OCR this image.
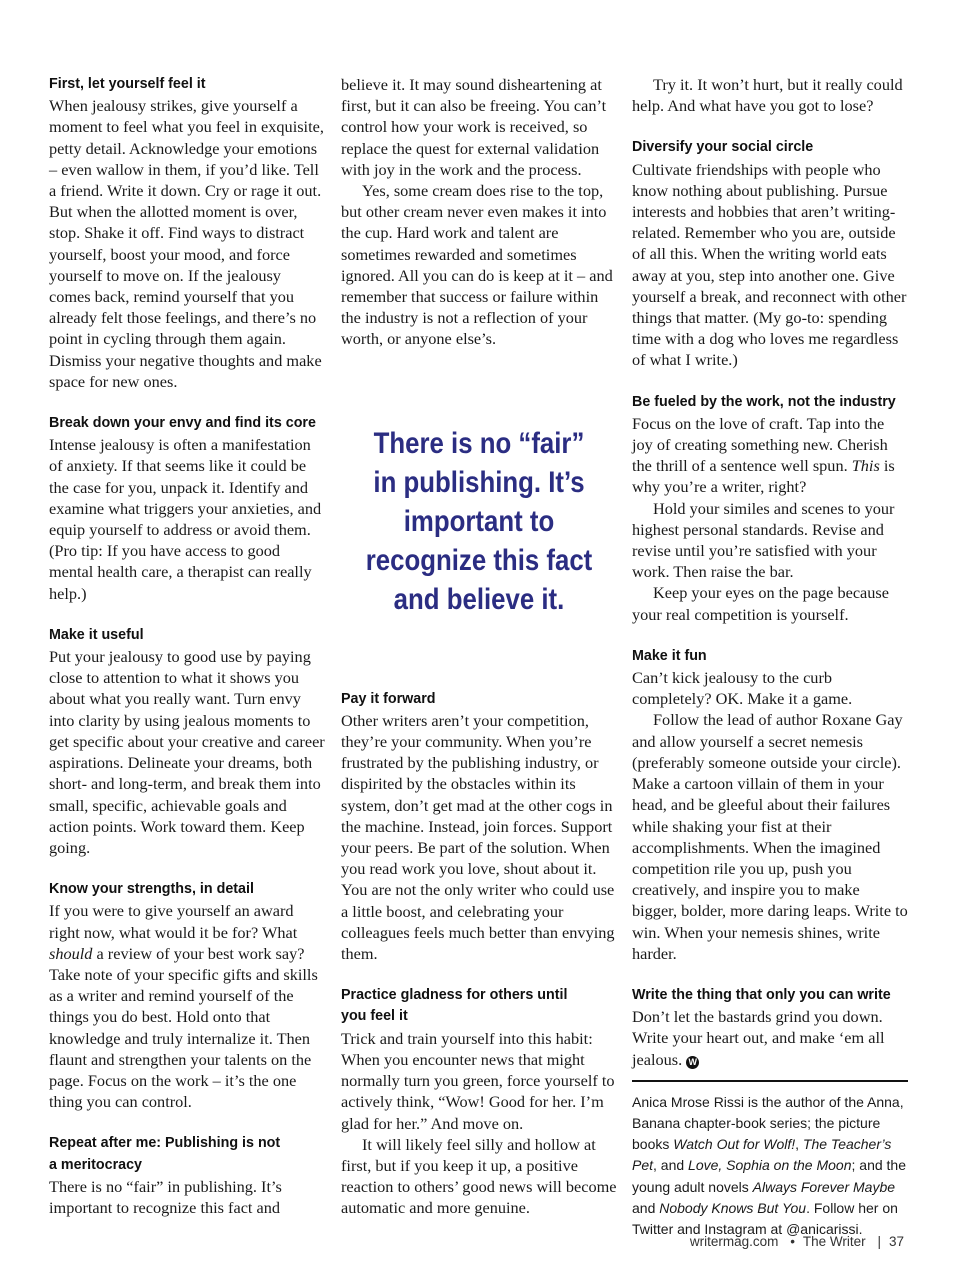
First, let yourself feel it

When jealousy strikes, give yourself a moment to feel what you feel in exquisite, petty detail. Acknowledge your emotions – even wallow in them, if you’d like. Tell a friend. Write it down. Cry or rage it out. But when the allotted moment is over, stop. Shake it off. Find ways to distract yourself, boost your mood, and force yourself to move on. If the jealousy comes back, remind yourself that you already felt those feelings, and there’s no point in cycling through them again. Dismiss your negative thoughts and make space for new ones.

Break down your envy and find its core

Intense jealousy is often a manifestation of anxiety. If that seems like it could be the case for you, unpack it. Identify and examine what triggers your anxieties, and equip yourself to address or avoid them. (Pro tip: If you have access to good mental health care, a therapist can really help.)

Make it useful

Put your jealousy to good use by paying close to attention to what it shows you about what you really want. Turn envy into clarity by using jealous moments to get specific about your creative and career aspirations. Delineate your dreams, both short- and long-term, and break them into small, specific, achievable goals and action points. Work toward them. Keep going.

Know your strengths, in detail

If you were to give yourself an award right now, what would it be for? What should a review of your best work say? Take note of your specific gifts and skills as a writer and remind yourself of the things you do best. Hold onto that knowledge and truly internalize it. Then flaunt and strengthen your talents on the page. Focus on the work – it’s the one thing you can control.

Repeat after me: Publishing is not
a meritocracy

There is no “fair” in publishing. It’s important to recognize this fact and

believe it. It may sound disheartening at first, but it can also be freeing. You can’t control how your work is received, so replace the quest for external validation with joy in the work and the process.

Yes, some cream does rise to the top, but other cream never even makes it into the cup. Hard work and talent are sometimes rewarded and sometimes ignored. All you can do is keep at it – and remember that success or failure within the industry is not a reflection of your worth, or anyone else’s.

There is no “fair” in publishing. It’s important to recognize this fact and believe it.
Pay it forward

Other writers aren’t your competition, they’re your community. When you’re frustrated by the publishing industry, or dispirited by the obstacles within its system, don’t get mad at the other cogs in the machine. Instead, join forces. Support your peers. Be part of the solution. When you read work you love, shout about it. You are not the only writer who could use a little boost, and celebrating your colleagues feels much better than envying them.

Practice gladness for others until
you feel it

Trick and train yourself into this habit: When you encounter news that might normally turn you green, force yourself to actively think, “Wow! Good for her. I’m glad for her.” And move on.

It will likely feel silly and hollow at first, but if you keep it up, a positive reaction to others’ good news will become automatic and more genuine.

Try it. It won’t hurt, but it really could help. And what have you got to lose?

Diversify your social circle

Cultivate friendships with people who know nothing about publishing. Pursue interests and hobbies that aren’t writing-related. Remember who you are, outside of all this. When the writing world eats away at you, step into another one. Give yourself a break, and reconnect with other things that matter. (My go-to: spending time with a dog who loves me regardless of what I write.)

Be fueled by the work, not the industry

Focus on the love of craft. Tap into the joy of creating something new. Cherish the thrill of a sentence well spun. This is why you’re a writer, right?

Hold your similes and scenes to your highest personal standards. Revise and revise until you’re satisfied with your work. Then raise the bar.

Keep your eyes on the page because your real competition is yourself.

Make it fun

Can’t kick jealousy to the curb completely? OK. Make it a game.

Follow the lead of author Roxane Gay and allow yourself a secret nemesis (preferably someone outside your circle). Make a cartoon villain of them in your head, and be gleeful about their failures while shaking your fist at their accomplishments. When the imagined competition rile you up, push you creatively, and inspire you to make bigger, bolder, more daring leaps. Write to win. When your nemesis shines, write harder.

Write the thing that only you can write

Don’t let the bastards grind you down. Write your heart out, and make ‘em all jealous. W

Anica Mrose Rissi is the author of the Anna, Banana chapter-book series; the picture books Watch Out for Wolf!, The Teacher’s Pet, and Love, Sophia on the Moon; and the young adult novels Always Forever Maybe and Nobody Knows But You. Follow her on Twitter and Instagram at @anicarissi.
writermag.com • The Writer | 37
